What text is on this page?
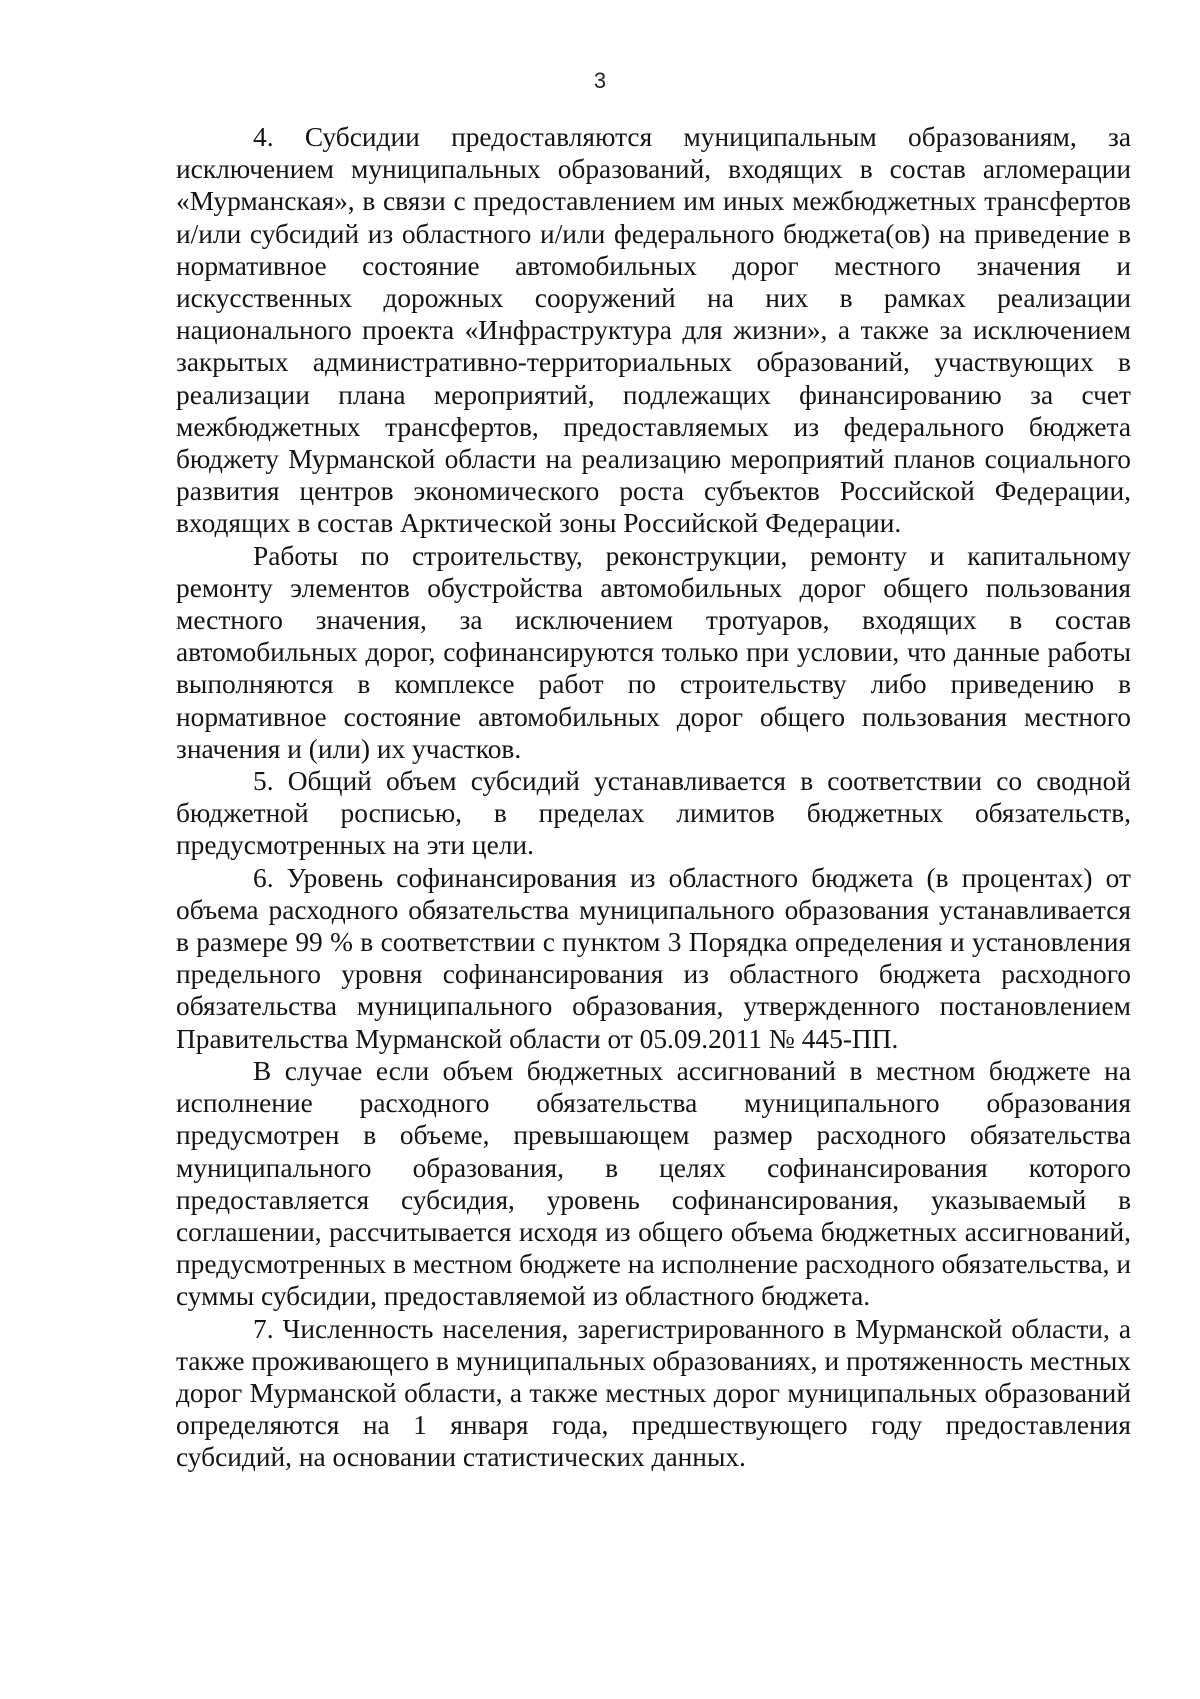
3

4. Субсидии предоставляются муниципальным образованиям, за исключением муниципальных образований, входящих в состав агломерации «Мурманская», в связи с предоставлением им иных межбюджетных трансфертов и/или субсидий из областного и/или федерального бюджета(ов) на приведение в нормативное состояние автомобильных дорог местного значения и искусственных дорожных сооружений на них в рамках реализации национального проекта «Инфраструктура для жизни», а также за исключением закрытых административно-территориальных образований, участвующих в реализации плана мероприятий, подлежащих финансированию за счет межбюджетных трансфертов, предоставляемых из федерального бюджета бюджету Мурманской области на реализацию мероприятий планов социального развития центров экономического роста субъектов Российской Федерации, входящих в состав Арктической зоны Российской Федерации.

Работы по строительству, реконструкции, ремонту и капитальному ремонту элементов обустройства автомобильных дорог общего пользования местного значения, за исключением тротуаров, входящих в состав автомобильных дорог, софинансируются только при условии, что данные работы выполняются в комплексе работ по строительству либо приведению в нормативное состояние автомобильных дорог общего пользования местного значения и (или) их участков.

5. Общий объем субсидий устанавливается в соответствии со сводной бюджетной росписью, в пределах лимитов бюджетных обязательств, предусмотренных на эти цели.

6. Уровень софинансирования из областного бюджета (в процентах) от объема расходного обязательства муниципального образования устанавливается в размере 99 % в соответствии с пунктом 3 Порядка определения и установления предельного уровня софинансирования из областного бюджета расходного обязательства муниципального образования, утвержденного постановлением Правительства Мурманской области от 05.09.2011 № 445-ПП.

В случае если объем бюджетных ассигнований в местном бюджете на исполнение расходного обязательства муниципального образования предусмотрен в объеме, превышающем размер расходного обязательства муниципального образования, в целях софинансирования которого предоставляется субсидия, уровень софинансирования, указываемый в соглашении, рассчитывается исходя из общего объема бюджетных ассигнований, предусмотренных в местном бюджете на исполнение расходного обязательства, и суммы субсидии, предоставляемой из областного бюджета.

7. Численность населения, зарегистрированного в Мурманской области, а также проживающего в муниципальных образованиях, и протяженность местных дорог Мурманской области, а также местных дорог муниципальных образований определяются на 1 января года, предшествующего году предоставления субсидий, на основании статистических данных.
